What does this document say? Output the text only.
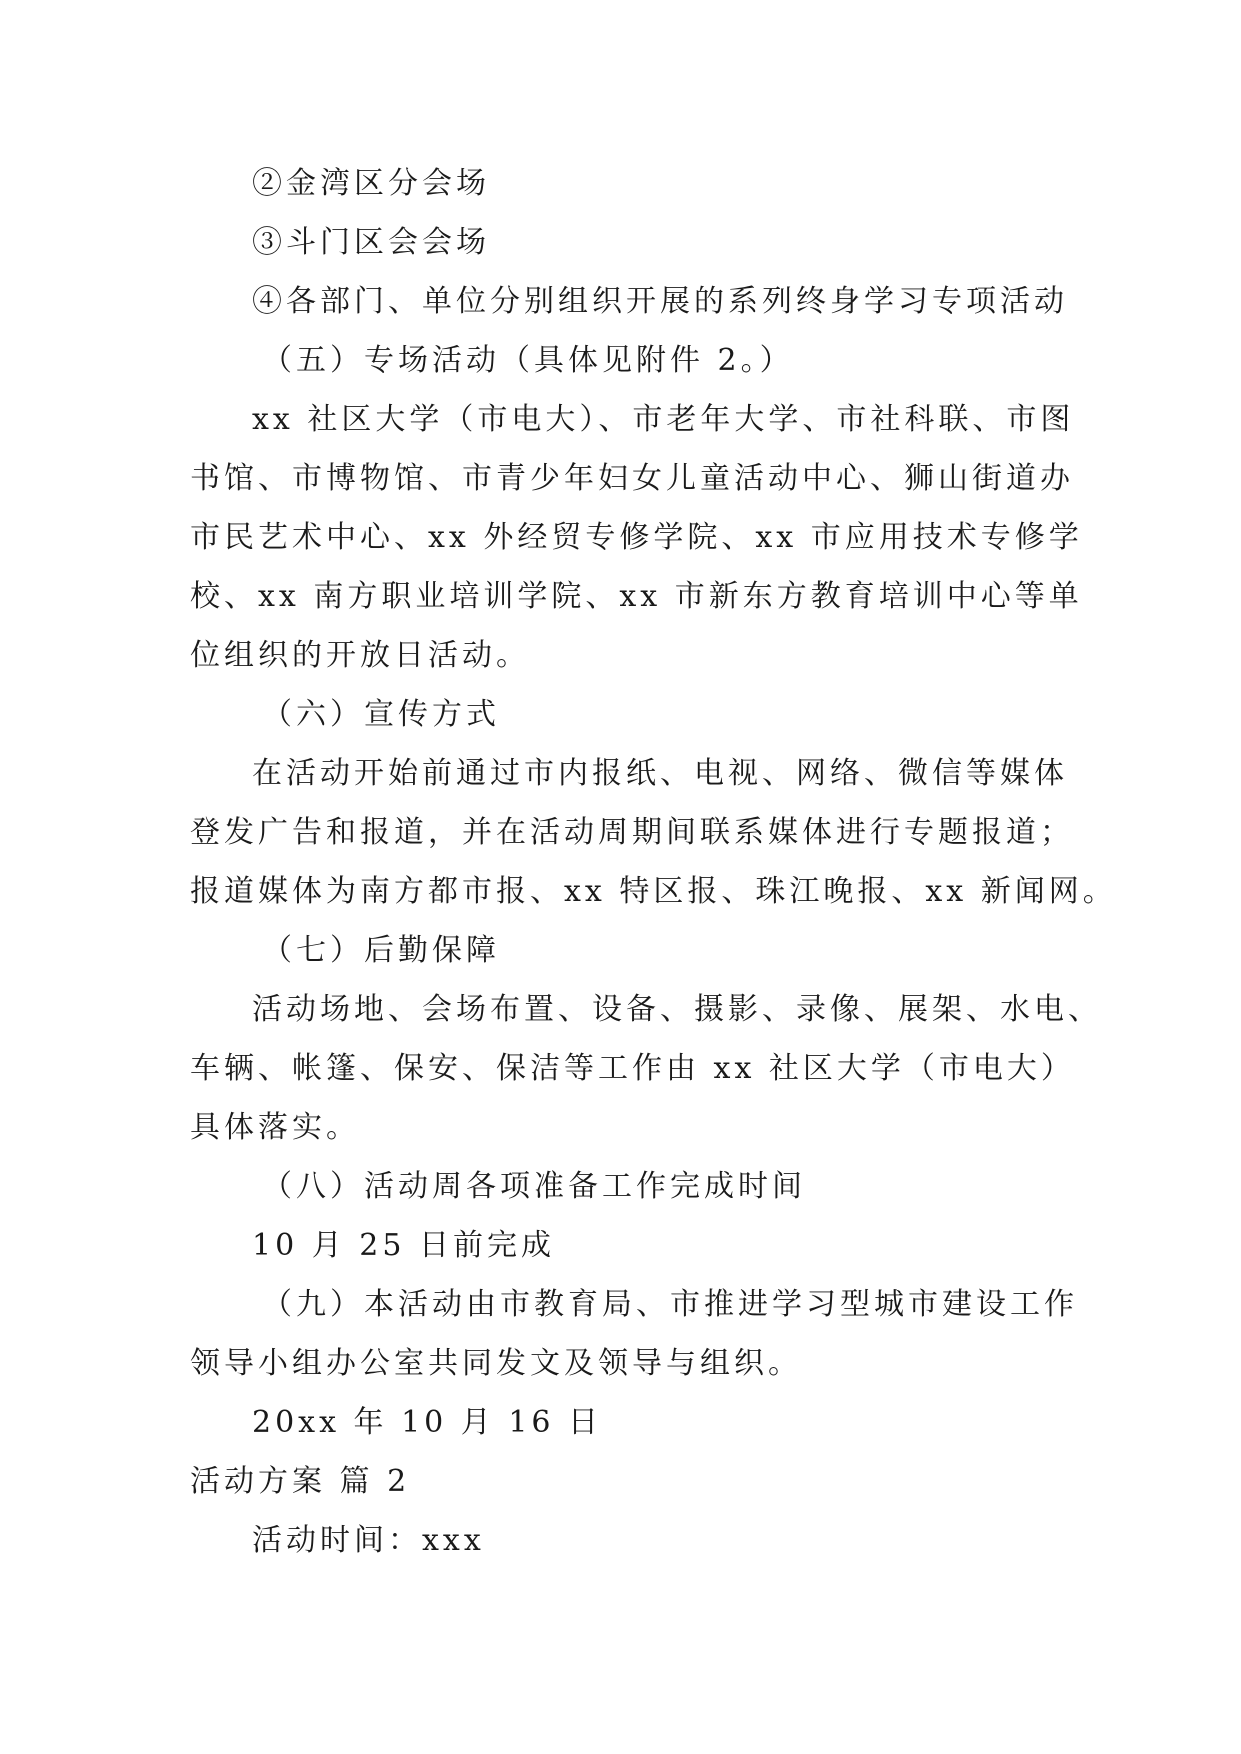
②金湾区分会场
③斗门区会会场
④各部门、单位分别组织开展的系列终身学习专项活动
（五）专场活动（具体见附件 2。）
xx 社区大学（市电大）、市老年大学、市社科联、市图
书馆、市博物馆、市青少年妇女儿童活动中心、狮山街道办
市民艺术中心、xx 外经贸专修学院、xx 市应用技术专修学
校、xx 南方职业培训学院、xx 市新东方教育培训中心等单
位组织的开放日活动。
（六）宣传方式
在活动开始前通过市内报纸、电视、网络、微信等媒体
登发广告和报道，并在活动周期间联系媒体进行专题报道；
报道媒体为南方都市报、xx 特区报、珠江晚报、xx 新闻网。
（七）后勤保障
活动场地、会场布置、设备、摄影、录像、展架、水电、
车辆、帐篷、保安、保洁等工作由 xx 社区大学（市电大）
具体落实。
（八）活动周各项准备工作完成时间
10 月 25 日前完成
（九）本活动由市教育局、市推进学习型城市建设工作
领导小组办公室共同发文及领导与组织。
20xx 年 10 月 16 日
活动方案 篇 2
活动时间：xxx
